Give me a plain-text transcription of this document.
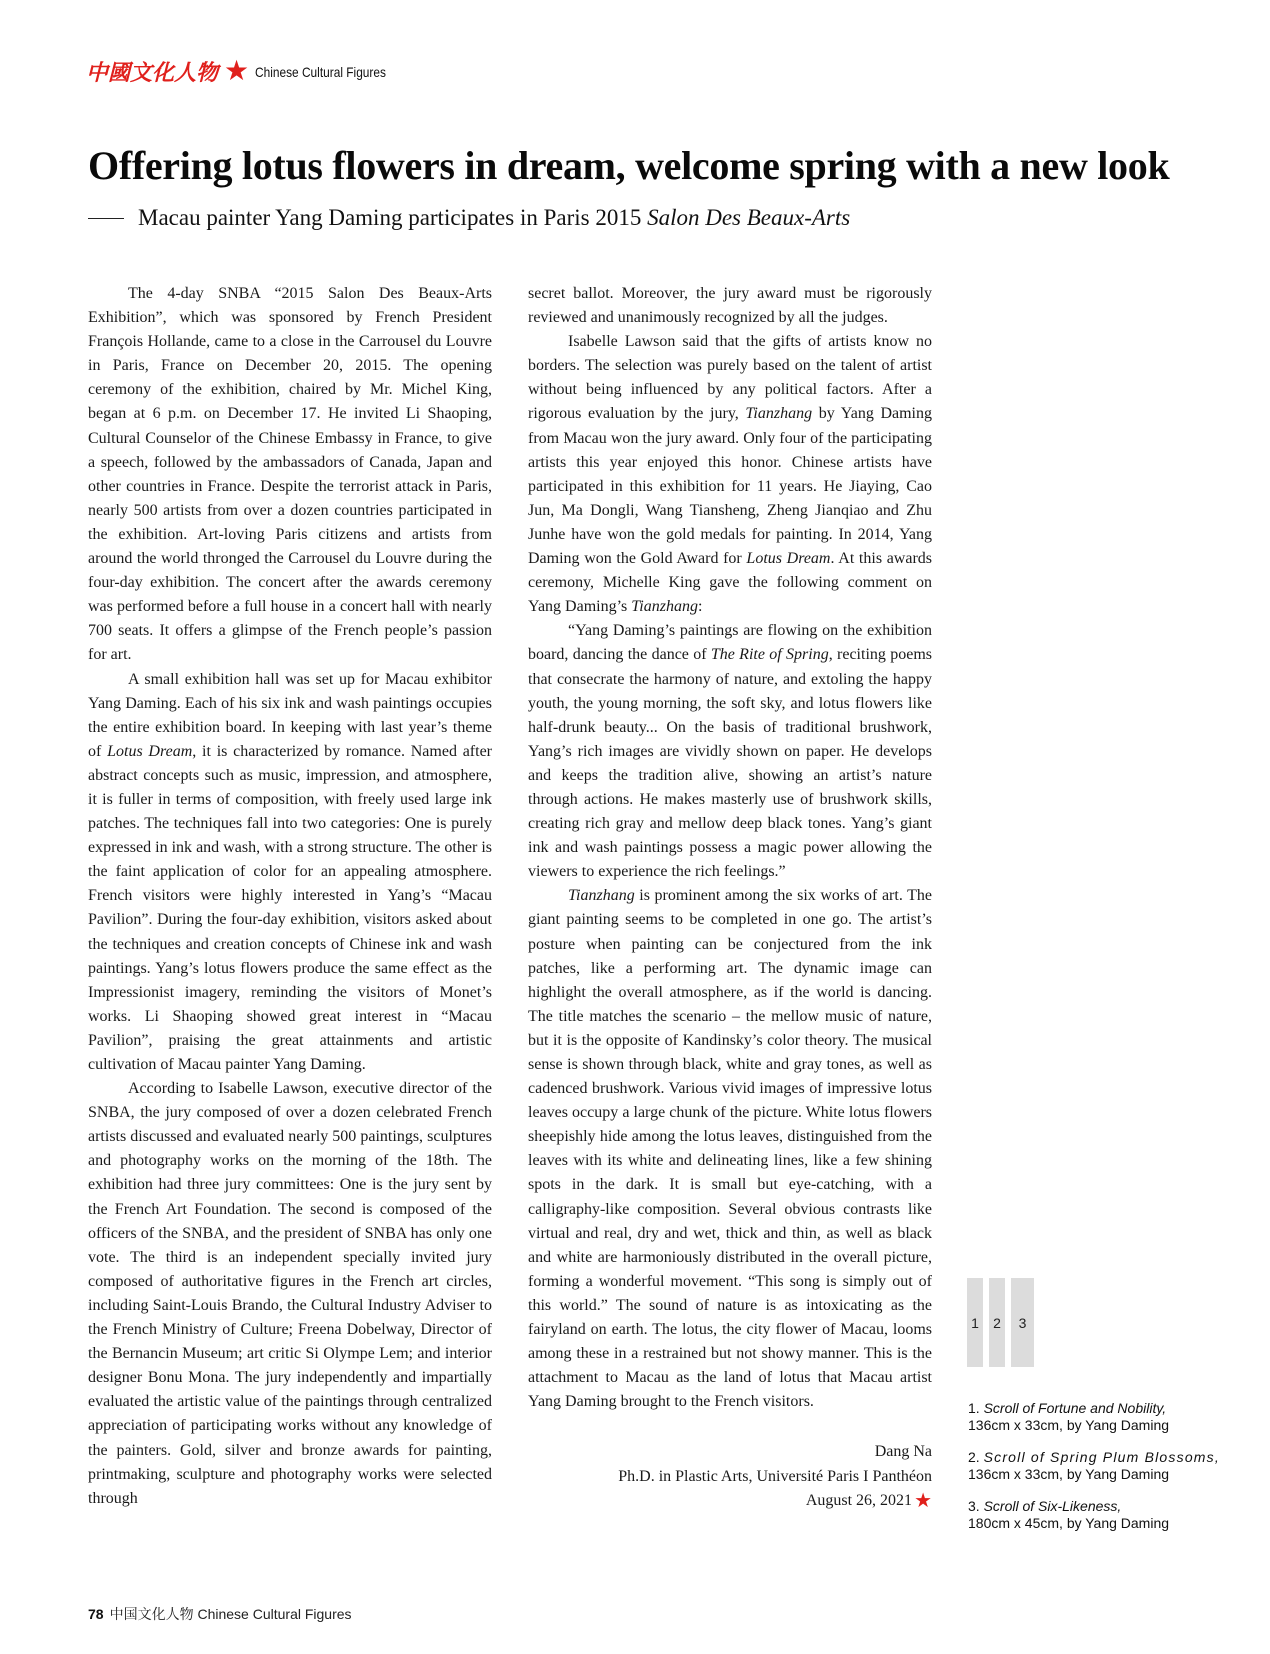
中國文化人物 ★ Chinese Cultural Figures
Offering lotus flowers in dream, welcome spring with a new look
Macau painter Yang Daming participates in Paris 2015 Salon Des Beaux-Arts

The 4-day SNBA “2015 Salon Des Beaux-Arts Exhibition”, which was sponsored by French President François Hollande, came to a close in the Carrousel du Louvre in Paris, France on December 20, 2015. The opening ceremony of the exhibition, chaired by Mr. Michel King, began at 6 p.m. on December 17. He invited Li Shaoping, Cultural Counselor of the Chinese Embassy in France, to give a speech, followed by the ambassadors of Canada, Japan and other countries in France. Despite the terrorist attack in Paris, nearly 500 artists from over a dozen countries participated in the exhibition. Art-loving Paris citizens and artists from around the world thronged the Carrousel du Louvre during the four-day exhibition. The concert after the awards ceremony was performed before a full house in a concert hall with nearly 700 seats. It offers a glimpse of the French people’s passion for art.

A small exhibition hall was set up for Macau exhibitor Yang Daming. Each of his six ink and wash paintings occupies the entire exhibition board. In keeping with last year’s theme of Lotus Dream, it is characterized by romance. Named after abstract concepts such as music, impression, and atmosphere, it is fuller in terms of composition, with freely used large ink patches. The techniques fall into two categories: One is purely expressed in ink and wash, with a strong structure. The other is the faint application of color for an appealing atmosphere. French visitors were highly interested in Yang’s “Macau Pavilion”. During the four-day exhibition, visitors asked about the techniques and creation concepts of Chinese ink and wash paintings. Yang’s lotus flowers produce the same effect as the Impressionist imagery, reminding the visitors of Monet’s works. Li Shaoping showed great interest in “Macau Pavilion”, praising the great attainments and artistic cultivation of Macau painter Yang Daming.

According to Isabelle Lawson, executive director of the SNBA, the jury composed of over a dozen celebrated French artists discussed and evaluated nearly 500 paintings, sculptures and photography works on the morning of the 18th. The exhibition had three jury committees: One is the jury sent by the French Art Foundation. The second is composed of the officers of the SNBA, and the president of SNBA has only one vote. The third is an independent specially invited jury composed of authoritative figures in the French art circles, including Saint-Louis Brando, the Cultural Industry Adviser to the French Ministry of Culture; Freena Dobelway, Director of the Bernancin Museum; art critic Si Olympe Lem; and interior designer Bonu Mona. The jury independently and impartially evaluated the artistic value of the paintings through centralized appreciation of participating works without any knowledge of the painters. Gold, silver and bronze awards for painting, printmaking, sculpture and photography works were selected through

secret ballot. Moreover, the jury award must be rigorously reviewed and unanimously recognized by all the judges.

Isabelle Lawson said that the gifts of artists know no borders. The selection was purely based on the talent of artist without being influenced by any political factors. After a rigorous evaluation by the jury, Tianzhang by Yang Daming from Macau won the jury award. Only four of the participating artists this year enjoyed this honor. Chinese artists have participated in this exhibition for 11 years. He Jiaying, Cao Jun, Ma Dongli, Wang Tiansheng, Zheng Jianqiao and Zhu Junhe have won the gold medals for painting. In 2014, Yang Daming won the Gold Award for Lotus Dream. At this awards ceremony, Michelle King gave the following comment on Yang Daming’s Tianzhang:

“Yang Daming’s paintings are flowing on the exhibition board, dancing the dance of The Rite of Spring, reciting poems that consecrate the harmony of nature, and extoling the happy youth, the young morning, the soft sky, and lotus flowers like half-drunk beauty... On the basis of traditional brushwork, Yang’s rich images are vividly shown on paper. He develops and keeps the tradition alive, showing an artist’s nature through actions. He makes masterly use of brushwork skills, creating rich gray and mellow deep black tones. Yang’s giant ink and wash paintings possess a magic power allowing the viewers to experience the rich feelings.”

Tianzhang is prominent among the six works of art. The giant painting seems to be completed in one go. The artist’s posture when painting can be conjectured from the ink patches, like a performing art. The dynamic image can highlight the overall atmosphere, as if the world is dancing. The title matches the scenario – the mellow music of nature, but it is the opposite of Kandinsky’s color theory. The musical sense is shown through black, white and gray tones, as well as cadenced brushwork. Various vivid images of impressive lotus leaves occupy a large chunk of the picture. White lotus flowers sheepishly hide among the lotus leaves, distinguished from the leaves with its white and delineating lines, like a few shining spots in the dark. It is small but eye-catching, with a calligraphy-like composition. Several obvious contrasts like virtual and real, dry and wet, thick and thin, as well as black and white are harmoniously distributed in the overall picture, forming a wonderful movement. “This song is simply out of this world.” The sound of nature is as intoxicating as the fairyland on earth. The lotus, the city flower of Macau, looms among these in a restrained but not showy manner. This is the attachment to Macau as the land of lotus that Macau artist Yang Daming brought to the French visitors.

Dang Na
Ph.D. in Plastic Arts, Université Paris I Panthéon
August 26, 2021 ★
1 2	3
1. Scroll of Fortune and Nobility,
136cm x 33cm, by Yang Daming
2. Scroll of Spring Plum Blossoms,
136cm x 33cm, by Yang Daming
3. Scroll of Six-Likeness,
180cm x 45cm, by Yang Daming
78 中国文化人物 Chinese Cultural Figures
